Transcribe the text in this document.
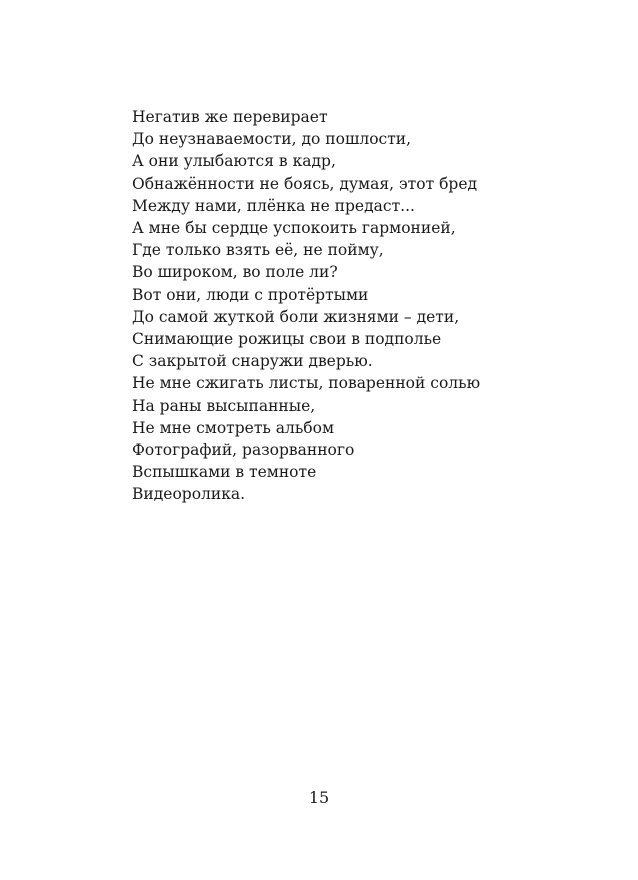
Негатив же перевирает
До неузнаваемости, до пошлости,
А они улыбаются в кадр,
Обнажённости не боясь, думая, этот бред
Между нами, плёнка не предаст...
А мне бы сердце успокоить гармонией,
Где только взять её, не пойму,
Во широком, во поле ли?
Вот они, люди с протёртыми
До самой жуткой боли жизнями – дети,
Снимающие рожицы свои в подполье
С закрытой снаружи дверью.
Не мне сжигать листы, поваренной солью
На раны высыпанные,
Не мне смотреть альбом
Фотографий, разорванного
Вспышками в темноте
Видеоролика.
15
